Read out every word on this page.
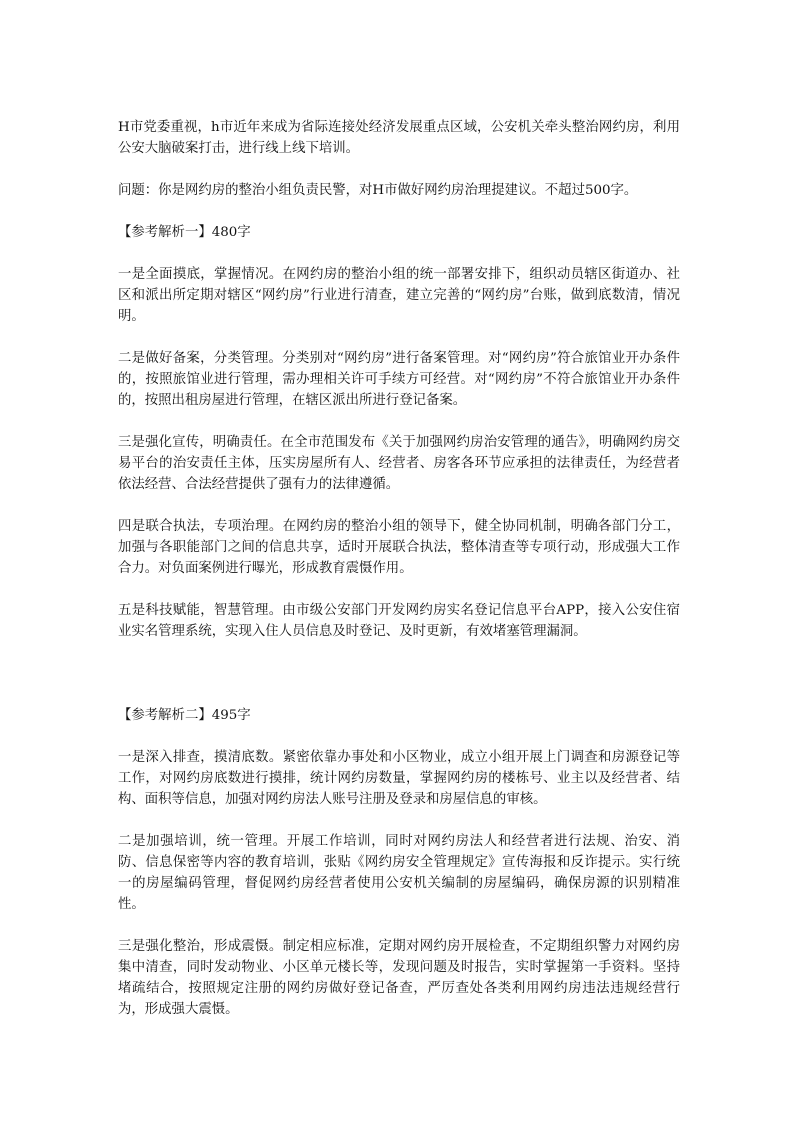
H市党委重视，h市近年来成为省际连接处经济发展重点区域，公安机关牵头整治网约房，利用公安大脑破案打击，进行线上线下培训。

问题：你是网约房的整治小组负责民警，对H市做好网约房治理提建议。不超过500字。

【参考解析一】480字

一是全面摸底，掌握情况。在网约房的整治小组的统一部署安排下，组织动员辖区街道办、社区和派出所定期对辖区“网约房”行业进行清查，建立完善的“网约房”台账，做到底数清，情况明。

二是做好备案，分类管理。分类别对“网约房”进行备案管理。对“网约房”符合旅馆业开办条件的，按照旅馆业进行管理，需办理相关许可手续方可经营。对“网约房”不符合旅馆业开办条件的，按照出租房屋进行管理，在辖区派出所进行登记备案。

三是强化宣传，明确责任。在全市范围发布《关于加强网约房治安管理的通告》，明确网约房交易平台的治安责任主体，压实房屋所有人、经营者、房客各环节应承担的法律责任，为经营者依法经营、合法经营提供了强有力的法律遵循。

四是联合执法，专项治理。在网约房的整治小组的领导下，健全协同机制，明确各部门分工，加强与各职能部门之间的信息共享，适时开展联合执法，整体清查等专项行动，形成强大工作合力。对负面案例进行曝光，形成教育震慑作用。

五是科技赋能，智慧管理。由市级公安部门开发网约房实名登记信息平台APP，接入公安住宿业实名管理系统，实现入住人员信息及时登记、及时更新，有效堵塞管理漏洞。

【参考解析二】495字

一是深入排查，摸清底数。紧密依靠办事处和小区物业，成立小组开展上门调查和房源登记等工作，对网约房底数进行摸排，统计网约房数量，掌握网约房的楼栋号、业主以及经营者、结构、面积等信息，加强对网约房法人账号注册及登录和房屋信息的审核。

二是加强培训，统一管理。开展工作培训，同时对网约房法人和经营者进行法规、治安、消防、信息保密等内容的教育培训，张贴《网约房安全管理规定》宣传海报和反诈提示。实行统一的房屋编码管理，督促网约房经营者使用公安机关编制的房屋编码，确保房源的识别精准性。

三是强化整治，形成震慑。制定相应标准，定期对网约房开展检查，不定期组织警力对网约房集中清查，同时发动物业、小区单元楼长等，发现问题及时报告，实时掌握第一手资料。坚持堵疏结合，按照规定注册的网约房做好登记备查，严厉查处各类利用网约房违法违规经营行为，形成强大震慑。
